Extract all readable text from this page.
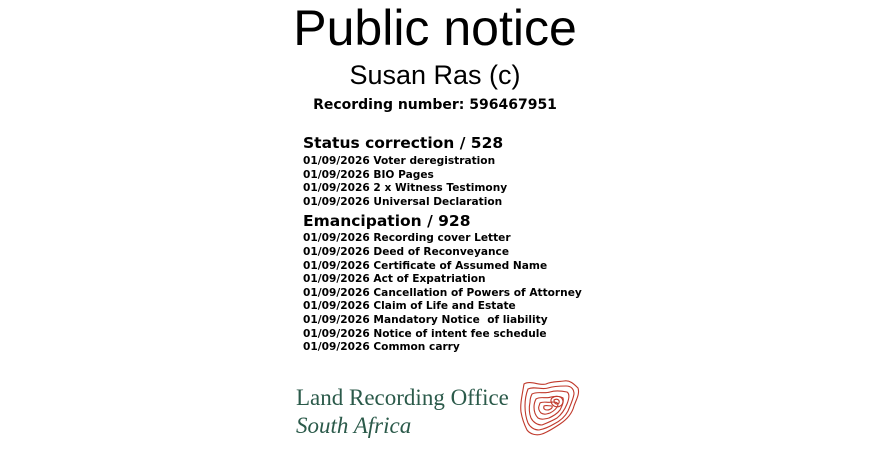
Public notice
Susan Ras (c)
Recording number: 596467951
Status correction / 528
01/09/2026 Voter deregistration
01/09/2026 BIO Pages
01/09/2026 2 x Witness Testimony
01/09/2026 Universal Declaration
Emancipation / 928
01/09/2026 Recording cover Letter
01/09/2026 Deed of Reconveyance
01/09/2026 Certificate of Assumed Name
01/09/2026 Act of Expatriation
01/09/2026 Cancellation of Powers of Attorney
01/09/2026 Claim of Life and Estate
01/09/2026 Mandatory Notice  of liability
01/09/2026 Notice of intent fee schedule
01/09/2026 Common carry
Land Recording Office
South Africa
